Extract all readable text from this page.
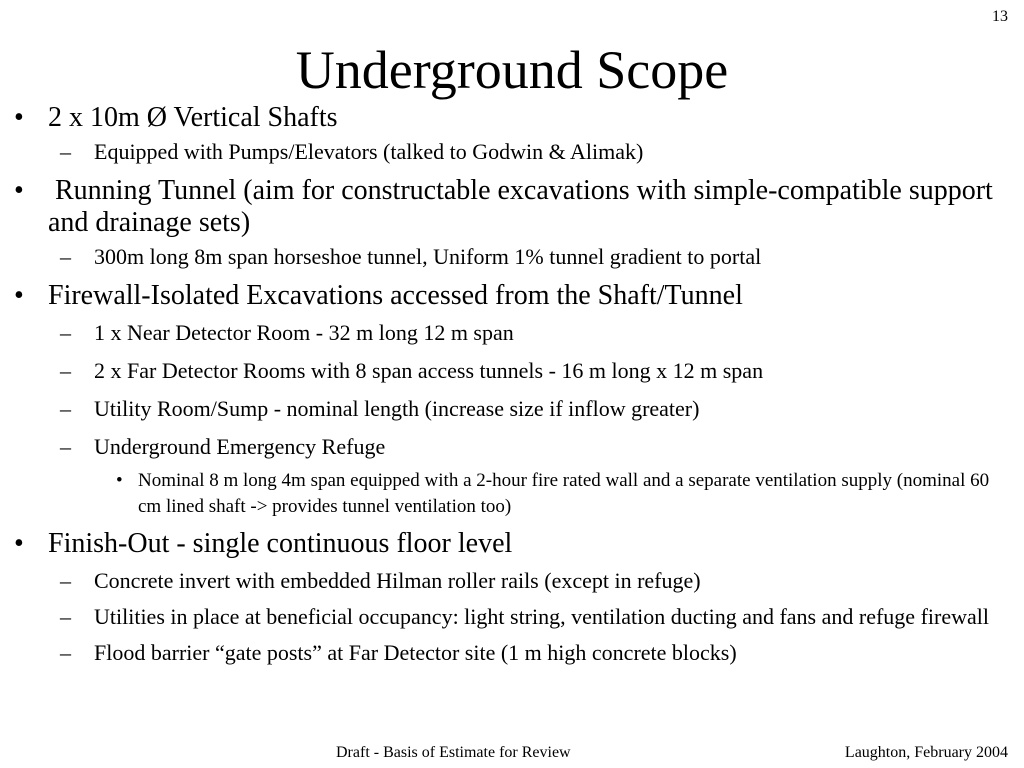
13
Underground Scope
• 2 x 10m Ø Vertical Shafts
– Equipped with Pumps/Elevators (talked to Godwin & Alimak)
• Running Tunnel (aim for constructable excavations with simple-compatible support and drainage sets)
– 300m long 8m span horseshoe tunnel, Uniform 1% tunnel gradient to portal
• Firewall-Isolated Excavations accessed from the Shaft/Tunnel
– 1 x Near Detector Room - 32 m long 12 m span
– 2 x Far Detector Rooms with 8 span access tunnels - 16 m long x 12 m span
– Utility Room/Sump - nominal length (increase size if inflow greater)
– Underground Emergency Refuge
• Nominal 8 m long 4m span equipped with a 2-hour fire rated wall and a separate ventilation supply (nominal 60 cm lined shaft -> provides tunnel ventilation too)
• Finish-Out - single continuous floor level
– Concrete invert with embedded Hilman roller rails (except in refuge)
– Utilities in place at beneficial occupancy: light string, ventilation ducting and fans and refuge firewall
– Flood barrier “gate posts” at Far Detector site (1 m high concrete blocks)
Draft - Basis of Estimate for Review	Laughton, February 2004
